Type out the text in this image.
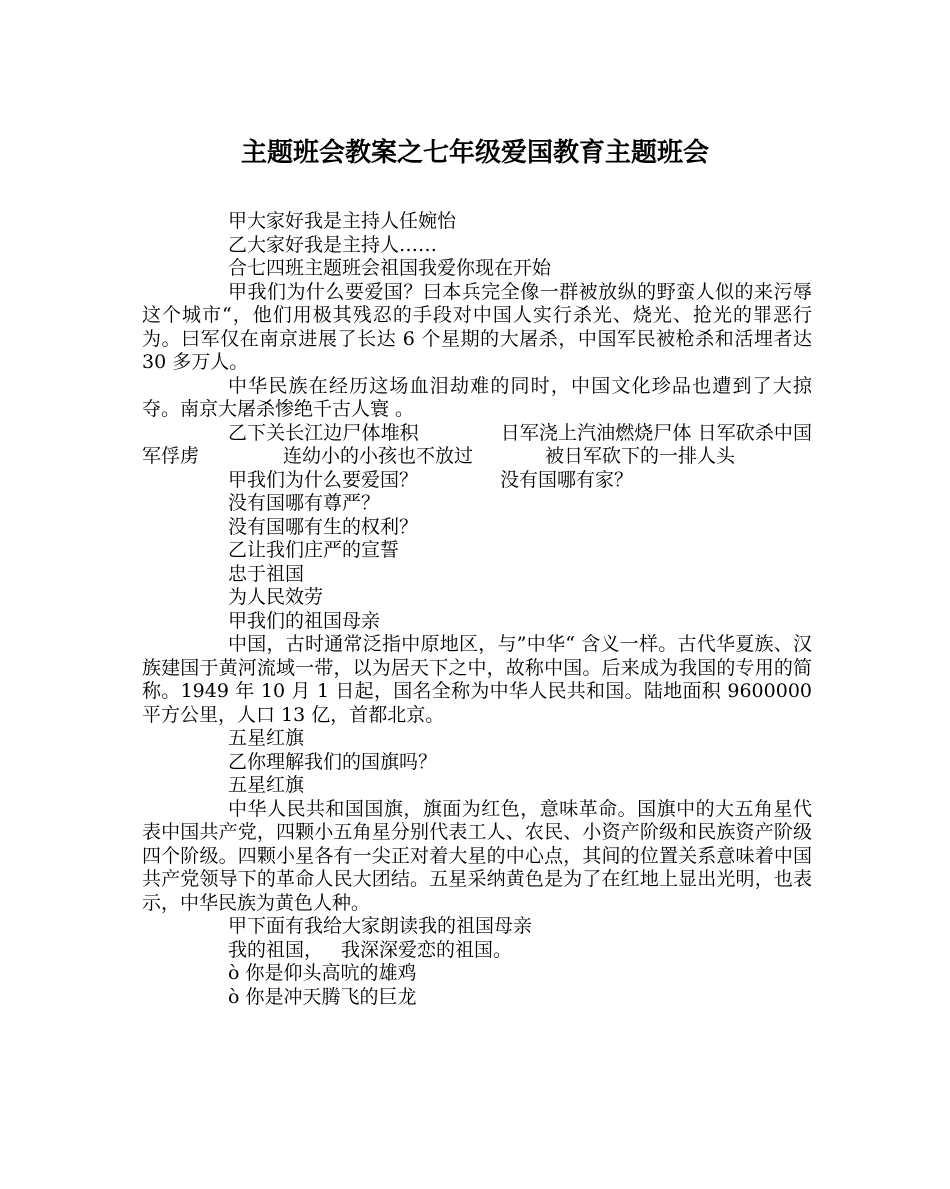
主题班会教案之七年级爱国教育主题班会

甲大家好我是主持人任婉怡

乙大家好我是主持人……

合七四班主题班会祖国我爱你现在开始

甲我们为什么要爱国？曰本兵完全像一群被放纵的野蛮人似的来污辱这个城市“，他们用极其残忍的手段对中国人实行杀光、烧光、抢光的罪恶行为。曰军仅在南京进展了长达 6 个星期的大屠杀，中国军民被枪杀和活埋者达 30 多万人。

中华民族在经历这场血泪劫难的同时，中国文化珍品也遭到了大掠夺。南京大屠杀惨绝千古人寰 。

乙下关长江边尸体堆积	日军浇上汽油燃烧尸体 日军砍杀中国军俘虏	连幼小的小孩也不放过	被日军砍下的一排人头

甲我们为什么要爱国？	没有国哪有家？

没有国哪有尊严？

没有国哪有生的权利？

乙让我们庄严的宣誓

忠于祖国

为人民效劳

甲我们的祖国母亲

中国，古时通常泛指中原地区，与”中华“ 含义一样。古代华夏族、汉族建国于黄河流域一带，以为居天下之中，故称中国。后来成为我国的专用的简称。1949 年 10 月 1 日起，国名全称为中华人民共和国。陆地面积 9600000 平方公里，人口 13 亿，首都北京。

五星红旗

乙你理解我们的国旗吗？

五星红旗

中华人民共和国国旗，旗面为红色，意味革命。国旗中的大五角星代表中国共产党，四颗小五角星分别代表工人、农民、小资产阶级和民族资产阶级四个阶级。四颗小星各有一尖正对着大星的中心点，其间的位置关系意味着中国共产党领导下的革命人民大团结。五星采纳黄色是为了在红地上显出光明，也表示，中华民族为黄色人种。

甲下面有我给大家朗读我的祖国母亲

我的祖国， 我深深爱恋的祖国。

ò 你是仰头高吭的雄鸡

ò 你是冲天腾飞的巨龙
